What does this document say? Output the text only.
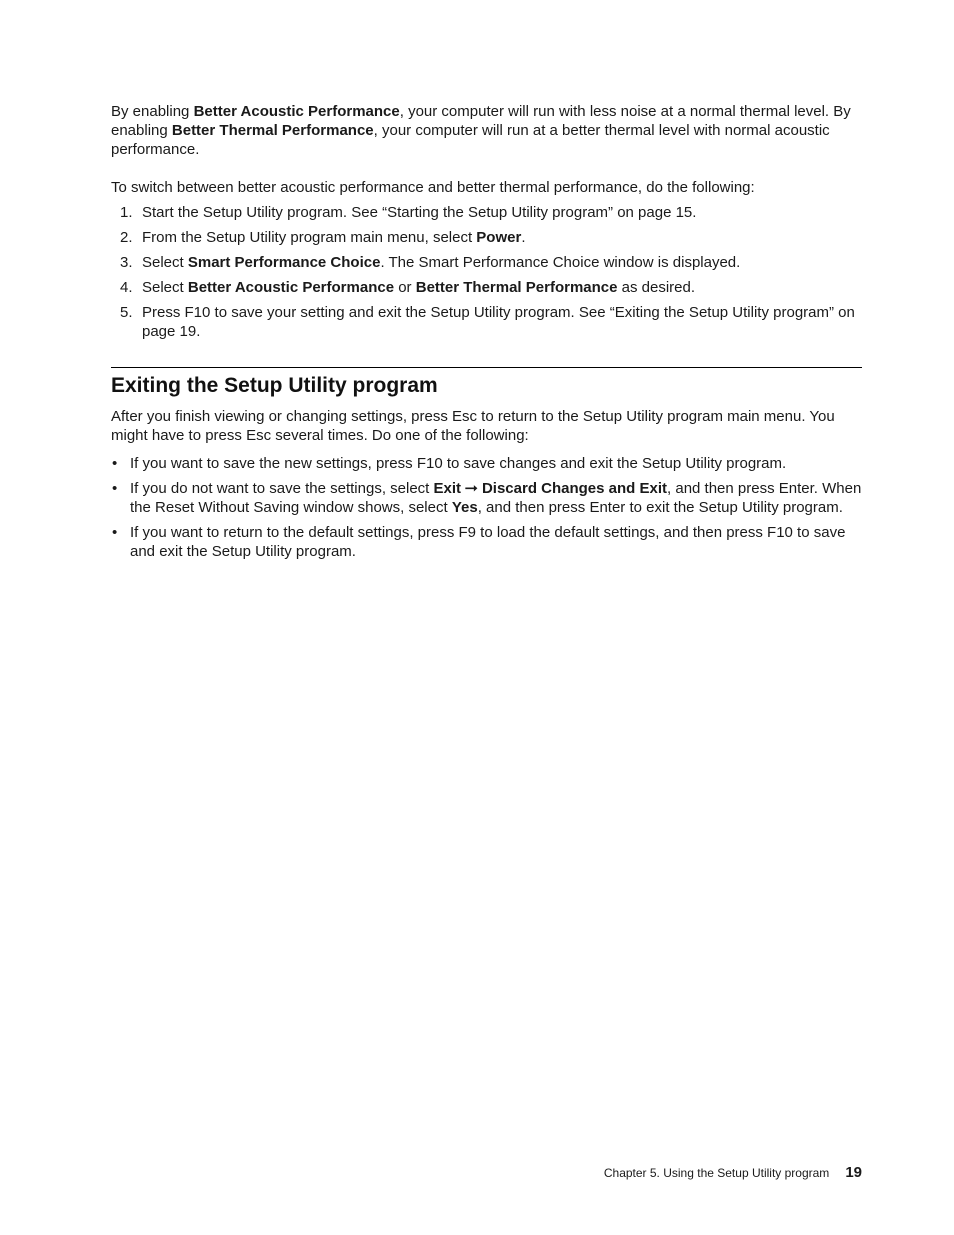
By enabling Better Acoustic Performance, your computer will run with less noise at a normal thermal level. By enabling Better Thermal Performance, your computer will run at a better thermal level with normal acoustic performance.

To switch between better acoustic performance and better thermal performance, do the following:

1. Start the Setup Utility program. See “Starting the Setup Utility program” on page 15.
2. From the Setup Utility program main menu, select Power.
3. Select Smart Performance Choice. The Smart Performance Choice window is displayed.
4. Select Better Acoustic Performance or Better Thermal Performance as desired.
5. Press F10 to save your setting and exit the Setup Utility program. See “Exiting the Setup Utility program” on page 19.
Exiting the Setup Utility program

After you finish viewing or changing settings, press Esc to return to the Setup Utility program main menu. You might have to press Esc several times. Do one of the following:

• If you want to save the new settings, press F10 to save changes and exit the Setup Utility program.
• If you do not want to save the settings, select Exit ➞ Discard Changes and Exit, and then press Enter. When the Reset Without Saving window shows, select Yes, and then press Enter to exit the Setup Utility program.
• If you want to return to the default settings, press F9 to load the default settings, and then press F10 to save and exit the Setup Utility program.
Chapter 5. Using the Setup Utility program 19
